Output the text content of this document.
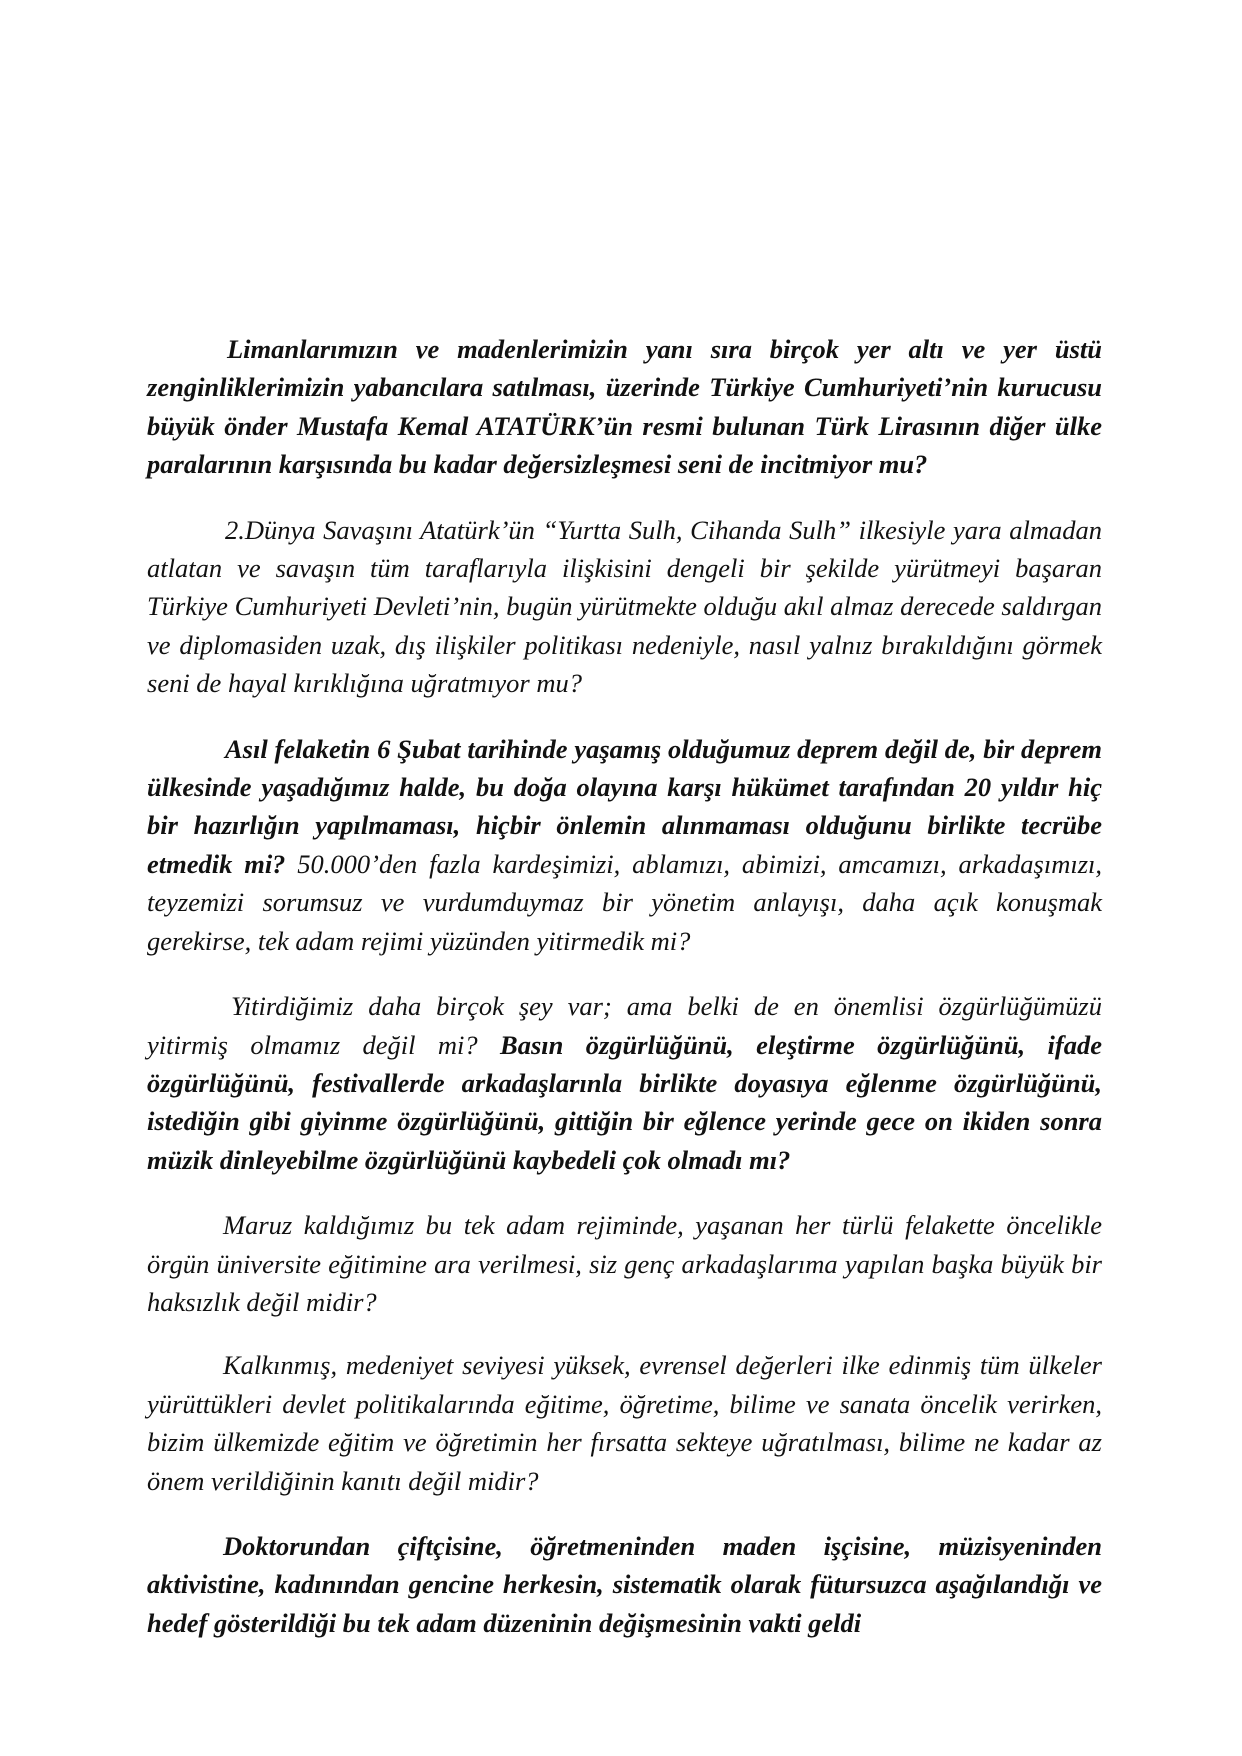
Limanlarımızın ve madenlerimizin yanı sıra birçok yer altı ve yer üstü zenginliklerimizin yabancılara satılması, üzerinde Türkiye Cumhuriyeti’nin kurucusu büyük önder Mustafa Kemal ATATÜRK’ün resmi bulunan Türk Lirasının diğer ülke paralarının karşısında bu kadar değersizleşmesi seni de incitmiyor mu?

2.Dünya Savaşını Atatürk’ün “Yurtta Sulh, Cihanda Sulh” ilkesiyle yara almadan atlatan ve savaşın tüm taraflarıyla ilişkisini dengeli bir şekilde yürütmeyi başaran Türkiye Cumhuriyeti Devleti’nin, bugün yürütmekte olduğu akıl almaz derecede saldırgan ve diplomasiden uzak, dış ilişkiler politikası nedeniyle, nasıl yalnız bırakıldığını görmek seni de hayal kırıklığına uğratmıyor mu?

Asıl felaketin 6 Şubat tarihinde yaşamış olduğumuz deprem değil de, bir deprem ülkesinde yaşadığımız halde, bu doğa olayına karşı hükümet tarafından 20 yıldır hiç bir hazırlığın yapılmaması, hiçbir önlemin alınmaması olduğunu birlikte tecrübe etmedik mi? 50.000’den fazla kardeşimizi, ablamızı, abimizi, amcamızı, arkadaşımızı, teyzemizi sorumsuz ve vurdumduymaz bir yönetim anlayışı, daha açık konuşmak gerekirse, tek adam rejimi yüzünden yitirmedik mi?

Yitirdiğimiz daha birçok şey var; ama belki de en önemlisi özgürlüğümüzü yitirmiş olmamız değil mi? Basın özgürlüğünü, eleştirme özgürlüğünü, ifade özgürlüğünü, festivallerde arkadaşlarınla birlikte doyasıya eğlenme özgürlüğünü, istediğin gibi giyinme özgürlüğünü, gittiğin bir eğlence yerinde gece on ikiden sonra müzik dinleyebilme özgürlüğünü kaybedeli çok olmadı mı?

Maruz kaldığımız bu tek adam rejiminde, yaşanan her türlü felakette öncelikle örgün üniversite eğitimine ara verilmesi, siz genç arkadaşlarıma yapılan başka büyük bir haksızlık değil midir?

Kalkınmış, medeniyet seviyesi yüksek, evrensel değerleri ilke edinmiş tüm ülkeler yürüttükleri devlet politikalarında eğitime, öğretime, bilime ve sanata öncelik verirken, bizim ülkemizde eğitim ve öğretimin her fırsatta sekteye uğratılması, bilime ne kadar az önem verildiğinin kanıtı değil midir?

Doktorundan çiftçisine, öğretmeninden maden işçisine, müzisyeninden aktivistine, kadınından gencine herkesin, sistematik olarak fütursuzca aşağılandığı ve hedef gösterildiği bu tek adam düzeninin değişmesinin vakti geldi
